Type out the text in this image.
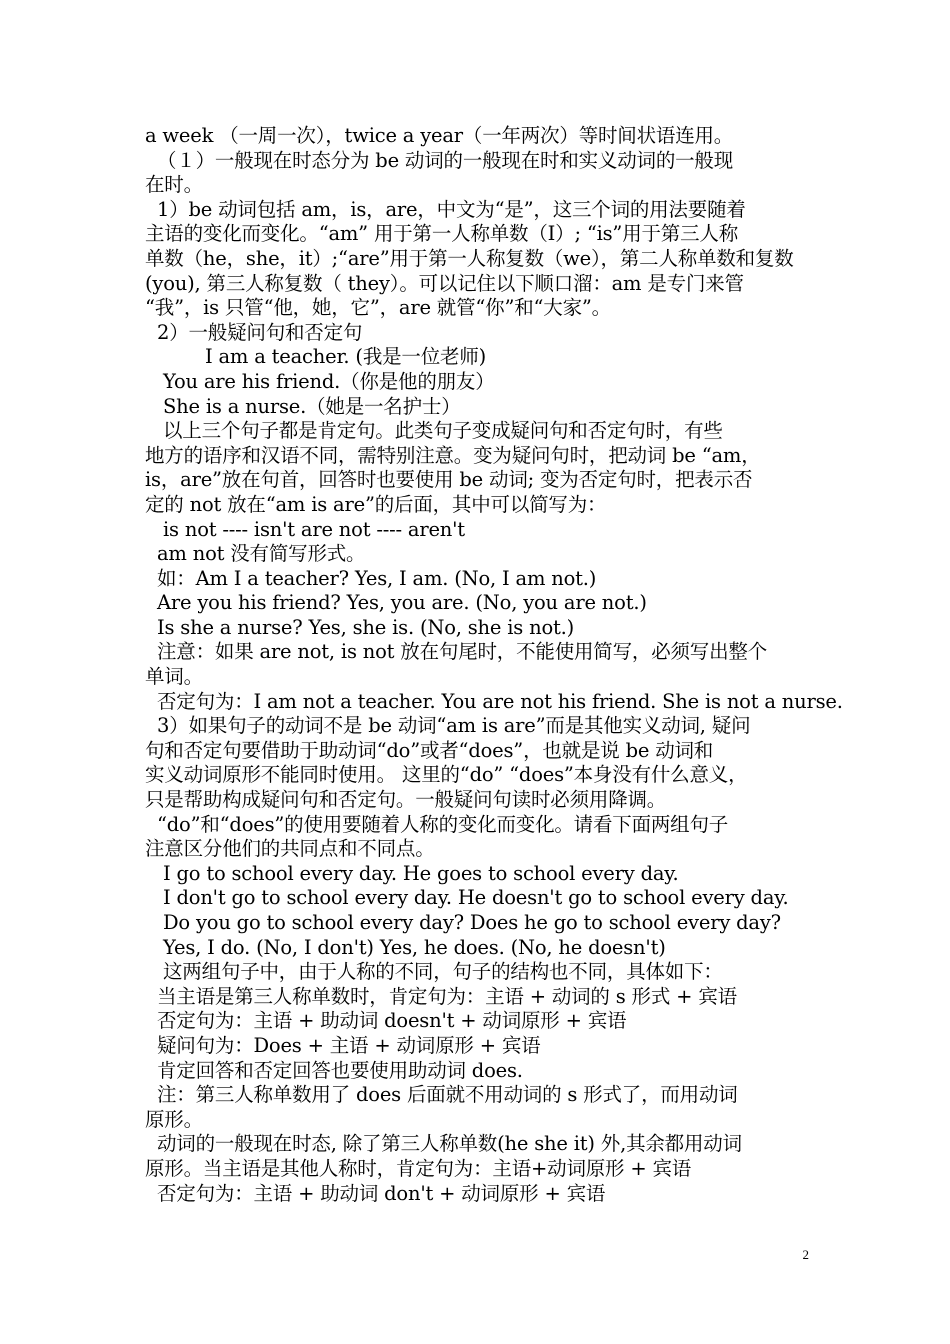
a week （一周一次），twice a year（一年两次）等时间状语连用。
（１）一般现在时态分为 be 动词的一般现在时和实义动词的一般现
在时。
1）be 动词包括 am，is，are，中文为“是”，这三个词的用法要随着
主语的变化而变化。“am” 用于第一人称单数（I）; “is”用于第三人称
单数（he，she，it）;“are”用于第一人称复数（we），第二人称单数和复数
(you), 第三人称复数（ they）。可以记住以下顺口溜：am 是专门来管
“我”，is 只管“他，她，它”，are 就管“你”和“大家”。
2）一般疑问句和否定句
I am a teacher. (我是一位老师)
You are his friend.（你是他的朋友）
She is a nurse.（她是一名护士）
以上三个句子都是肯定句。此类句子变成疑问句和否定句时，有些
地方的语序和汉语不同，需特别注意。变为疑问句时，把动词 be “am，
is，are”放在句首，回答时也要使用 be 动词; 变为否定句时，把表示否
定的 not 放在“am is are”的后面，其中可以简写为：
is not ---- isn't are not ---- aren't
am not 没有简写形式。
如：Am I a teacher? Yes, I am. (No, I am not.)
Are you his friend? Yes, you are. (No, you are not.)
Is she a nurse? Yes, she is. (No, she is not.)
注意：如果 are not, is not 放在句尾时，不能使用简写，必须写出整个
单词。
否定句为：I am not a teacher. You are not his friend. She is not a nurse.
3）如果句子的动词不是 be 动词“am is are”而是其他实义动词, 疑问
句和否定句要借助于助动词“do”或者“does”，也就是说 be 动词和
实义动词原形不能同时使用。 这里的“do” “does”本身没有什么意义，
只是帮助构成疑问句和否定句。一般疑问句读时必须用降调。
“do”和“does”的使用要随着人称的变化而变化。请看下面两组句子
注意区分他们的共同点和不同点。
I go to school every day. He goes to school every day.
I don't go to school every day. He doesn't go to school every day.
Do you go to school every day? Does he go to school every day?
Yes, I do. (No, I don't) Yes, he does. (No, he doesn't)
这两组句子中，由于人称的不同，句子的结构也不同，具体如下：
当主语是第三人称单数时，肯定句为：主语 + 动词的 s 形式 + 宾语
否定句为：主语 + 助动词 doesn't + 动词原形 + 宾语
疑问句为：Does + 主语 + 动词原形 + 宾语
肯定回答和否定回答也要使用助动词 does.
注：第三人称单数用了 does 后面就不用动词的 s 形式了，而用动词
原形。
动词的一般现在时态, 除了第三人称单数(he she it) 外,其余都用动词
原形。当主语是其他人称时，肯定句为：主语+动词原形 + 宾语
否定句为：主语 + 助动词 don't + 动词原形 + 宾语
2
